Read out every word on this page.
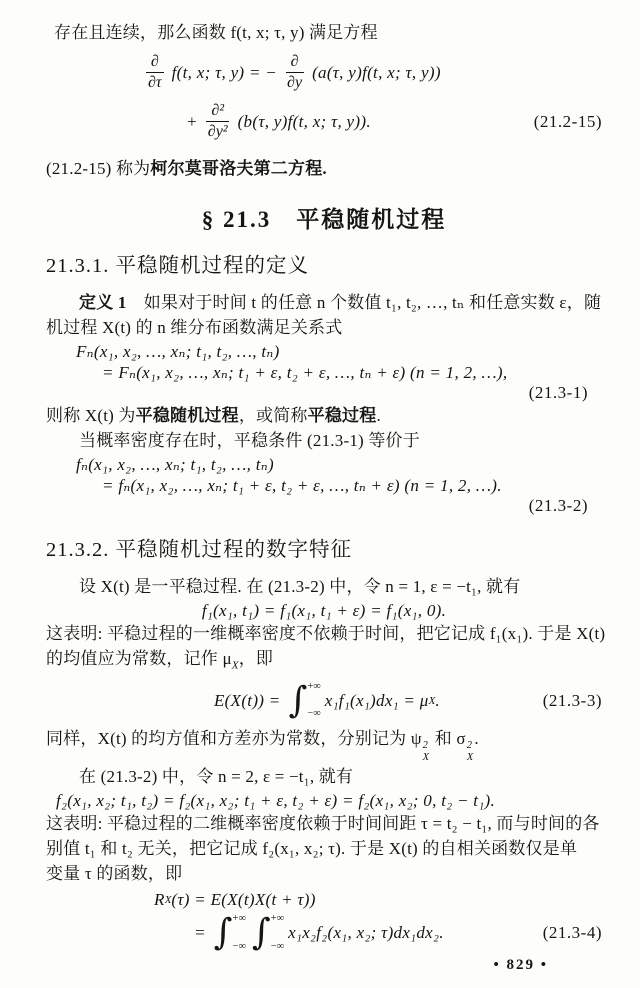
存在且连续，那么函数 f(t, x; τ, y) 满足方程

$\frac{\partial}{\partial\tau} f(t$, x; τ, y) = − $\frac{\partial}{\partial y} (a(\tau$, y)f(t, x; τ, y))
+ $\frac{\text{∂²}}{\text{∂y²}} (b(\tau$, y)f(t, x; τ, y)).	(21.2-15)

(21.2-15) 称为柯尔莫哥洛夫第二方程.

§ 21.3　平稳随机过程
21.3.1. 平稳随机过程的定义

定义 1　如果对于时间 t 的任意 n 个数值 t₁, t₂, …, tₙ 和任意实数 ε，随

机过程 X(t) 的 n 维分布函数满足关系式

Fₙ(x₁, x₂, …, xₙ; t₁, t₂, …, tₙ)
= Fₙ(x₁, x₂, …, xₙ; t₁ + ε, t₂ + ε, …, tₙ + ε) (n = 1, 2, …),
(21.3-1)

则称 X(t) 为平稳随机过程，或简称平稳过程.

当概率密度存在时，平稳条件 (21.3-1) 等价于

fₙ(x₁, x₂, …, xₙ; t₁, t₂, …, tₙ)
= fₙ(x₁, x₂, …, xₙ; t₁ + ε, t₂ + ε, …, tₙ + ε) (n = 1, 2, …).
(21.3-2)
21.3.2. 平稳随机过程的数字特征

设 X(t) 是一平稳过程. 在 (21.3-2) 中，令 n = 1, ε = −t₁, 就有

f₁(x₁, t₁) = f₁(x₁, t₁ + ε) = f₁(x₁, 0).

这表明: 平稳过程的一维概率密度不依赖于时间，把它记成 f₁(x₁). 于是 X(t)

的均值应为常数，记作 $\mu_X$，即

E(X(t)) = ∫ +∞
−∞
x₁f₁(x₁)dx₁ = μ X .	(21.3-3)

同样，X(t) 的均方值和方差亦为常数，分别记为 ψ 2
X
和 σ 2
X
.

在 (21.3-2) 中，令 n = 2, ε = −t₁, 就有

f₂(x₁, x₂; t₁, t₂) = f₂(x₁, x₂; t₁ + ε, t₂ + ε) = f₂(x₁, x₂; 0, t₂ − t₁).

这表明: 平稳过程的二维概率密度依赖于时间间距 τ = t₂ − t₁, 而与时间的各

别值 t₁ 和 t₂ 无关，把它记成 f₂(x₁, x₂; τ). 于是 X(t) 的自相关函数仅是单

变量 τ 的函数，即

R X (τ) = E(X(t)X(t + τ))
= ∫ +∞
−∞ ∫ +∞
−∞
x₁x₂f₂(x₁, x₂; τ)dx₁dx₂.	(21.3-4)
• 829 •
